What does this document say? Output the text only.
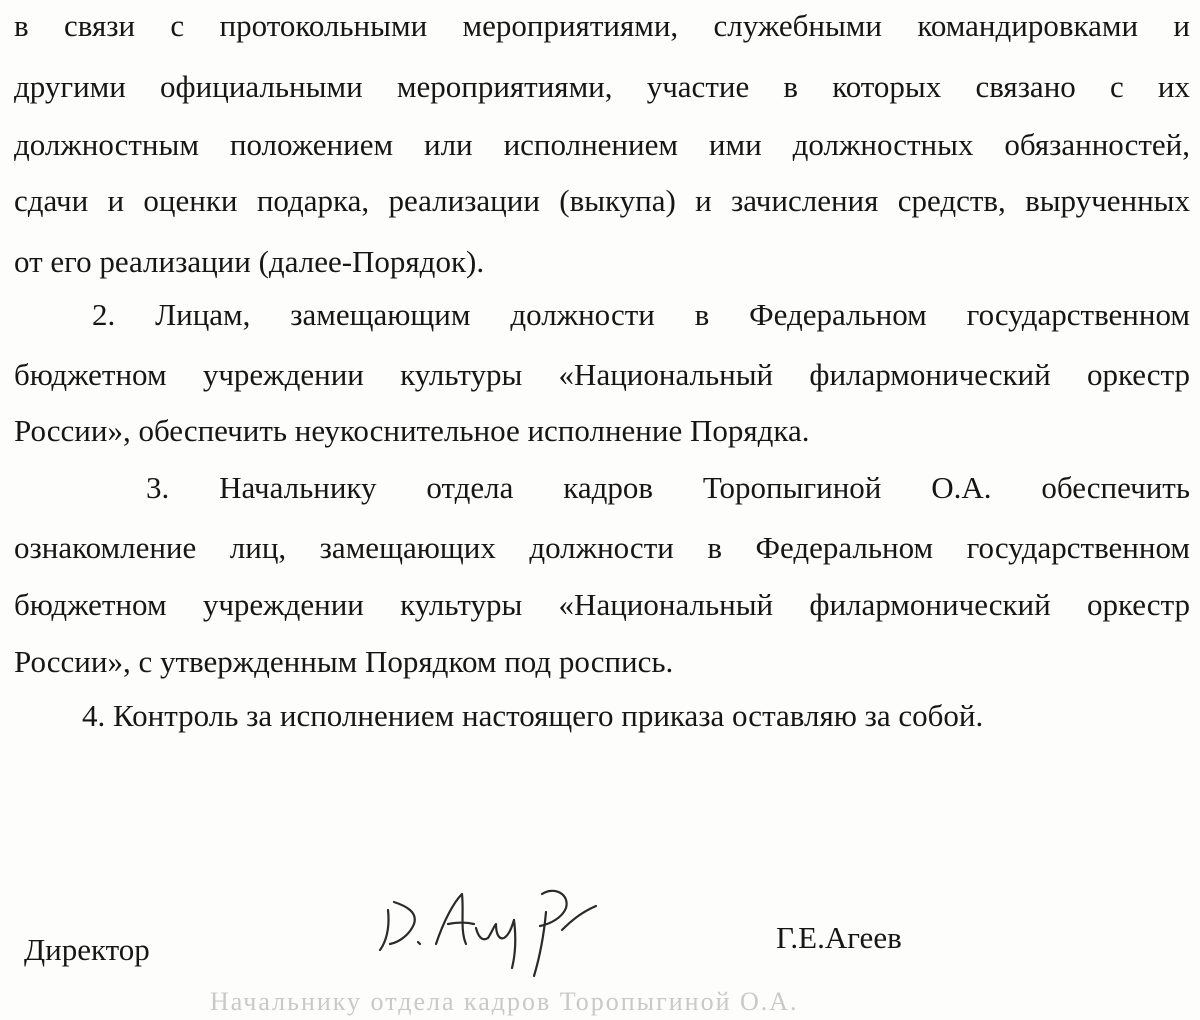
в связи с протокольными мероприятиями, служебными командировками и
другими официальными мероприятиями, участие в которых связано с их
должностным положением или исполнением ими должностных обязанностей,
сдачи и оценки подарка, реализации (выкупа) и зачисления средств, вырученных
от его реализации (далее-Порядок).
2. Лицам, замещающим должности в Федеральном государственном
бюджетном учреждении культуры «Национальный филармонический оркестр
России», обеспечить неукоснительное исполнение Порядка.
3. Начальнику отдела кадров Торопыгиной О.А. обеспечить
ознакомление лиц, замещающих должности в Федеральном государственном
бюджетном учреждении культуры «Национальный филармонический оркестр
России», с утвержденным Порядком под роспись.
4. Контроль за исполнением настоящего приказа оставляю за собой.
Директор	Г.Е.Агеев
Начальнику отдела кадров Торопыгиной О.А.
